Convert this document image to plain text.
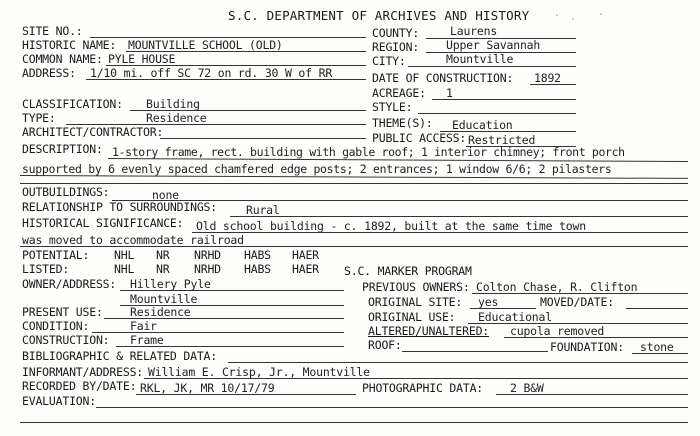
S.C. DEPARTMENT OF ARCHIVES AND HISTORY
SITE NO.:
HISTORIC NAME: MOUNTVILLE SCHOOL (OLD)
COMMON NAME: PYLE HOUSE
ADDRESS: 1/10 mi. off SC 72 on rd. 30 W of RR
COUNTY:	Laurens
REGION: Upper Savannah
CITY:	Mountville
DATE OF CONSTRUCTION: 1892
ACREAGE: 1
STYLE:
THEME(S): Education
PUBLIC ACCESS: Restricted
CLASSIFICATION: Building
TYPE:	Residence
ARCHITECT/CONTRACTOR:
DESCRIPTION: 1-story frame, rect. building with gable roof; 1 interior chimney; front porch
supported by 6 evenly spaced chamfered edge posts; 2 entrances; 1 window 6/6; 2 pilasters
OUTBUILDINGS:	none
RELATIONSHIP TO SURROUNDINGS:	Rural
HISTORICAL SIGNIFICANCE: Old school building - c. 1892, built at the same time town
was moved to accommodate railroad
POTENTIAL: NHL NR NRHD HABS HAER
LISTED:	NHL NR NRHD HABS HAER S.C. MARKER PROGRAM
OWNER/ADDRESS: Hillery Pyle
Mountville
PREVIOUS OWNERS: Colton Chase, R. Clifton
ORIGINAL SITE: yes	MOVED/DATE:
ORIGINAL USE: Educational
ALTERED/UNALTERED: cupola removed
ROOF:	FOUNDATION: stone
PRESENT USE: Residence
CONDITION:	Fair
CONSTRUCTION: Frame
BIBLIOGRAPHIC & RELATED DATA:
INFORMANT/ADDRESS: William E. Crisp, Jr., Mountville
RECORDED BY/DATE: RKL, JK, MR 10/17/79	PHOTOGRAPHIC DATA: 2 B&W
EVALUATION:
